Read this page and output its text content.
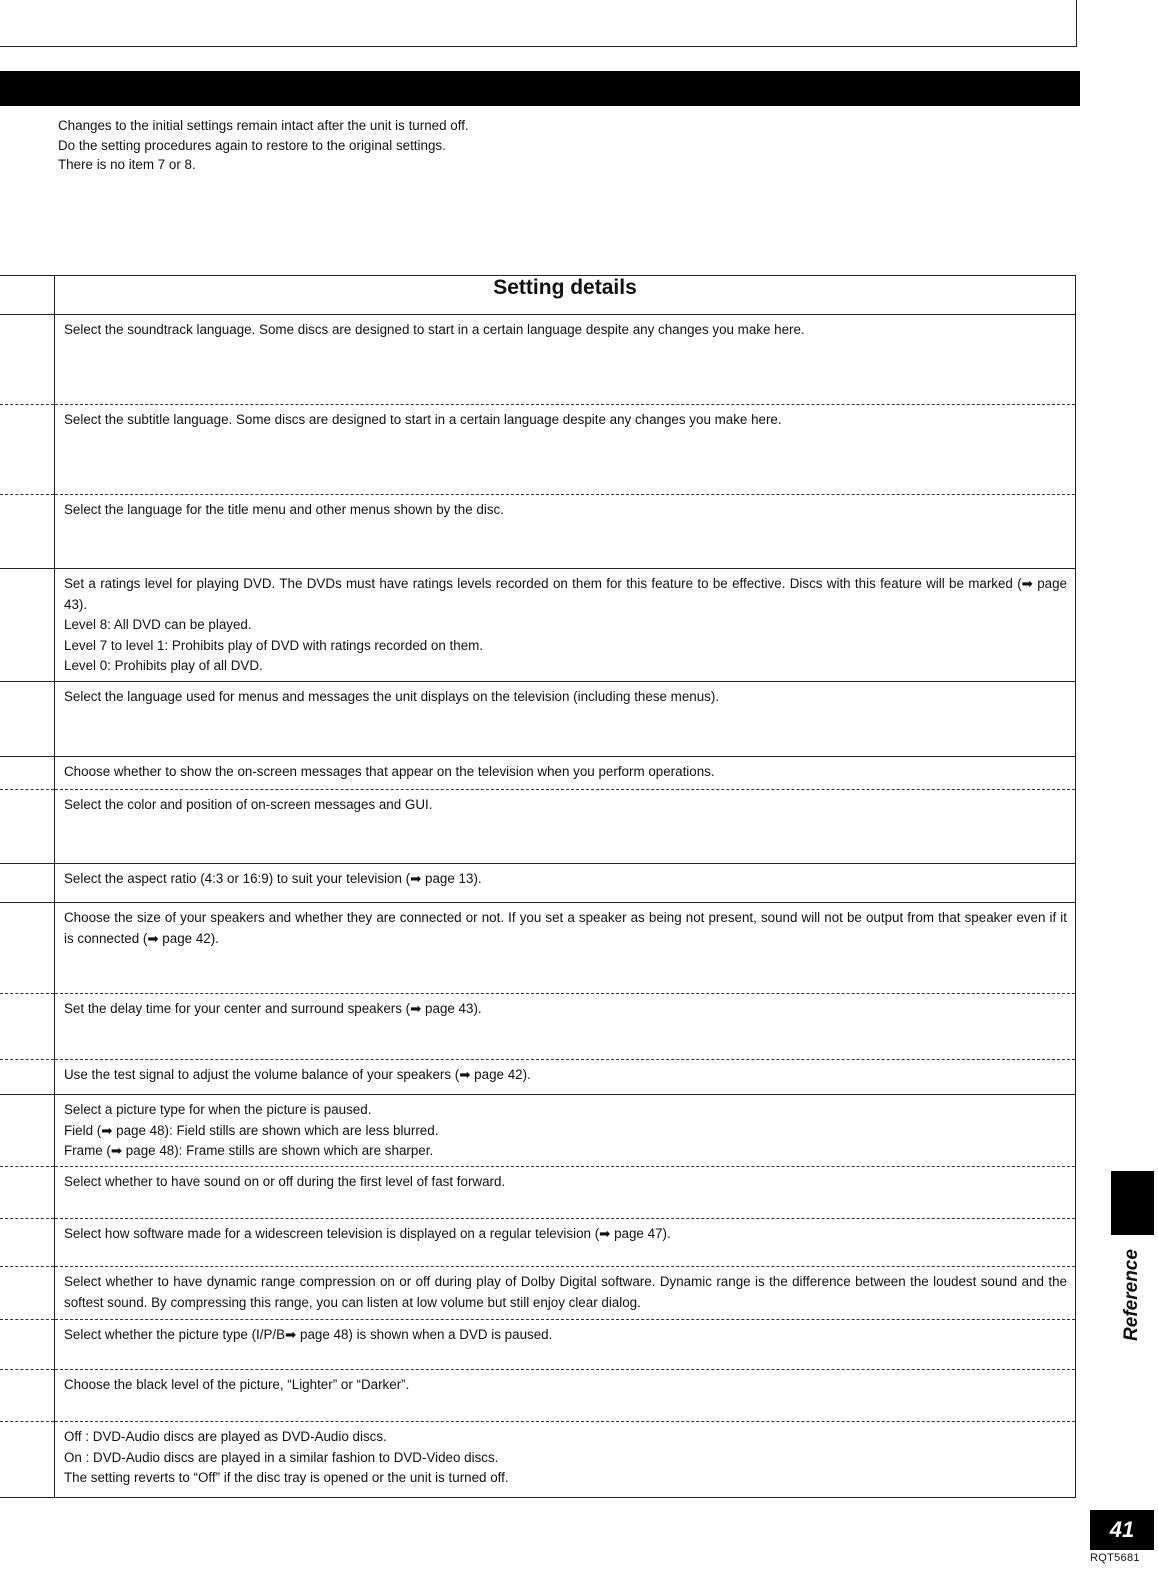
Changes to the initial settings remain intact after the unit is turned off.
Do the setting procedures again to restore to the original settings.
There is no item 7 or 8.
	Setting details

	Select the soundtrack language. Some discs are designed to start in a certain language despite any changes you make here.

	Select the subtitle language. Some discs are designed to start in a certain language despite any changes you make here.

	Select the language for the title menu and other menus shown by the disc.

	Set a ratings level for playing DVD. The DVDs must have ratings levels recorded on them for this feature to be effective. Discs with this feature will be marked (➡ page 43).
Level 8: All DVD can be played.
Level 7 to level 1: Prohibits play of DVD with ratings recorded on them.
Level 0: Prohibits play of all DVD.

	Select the language used for menus and messages the unit displays on the television (including these menus).

	Choose whether to show the on-screen messages that appear on the television when you perform operations.

	Select the color and position of on-screen messages and GUI.

	Select the aspect ratio (4:3 or 16:9) to suit your television (➡ page 13).

	Choose the size of your speakers and whether they are connected or not. If you set a speaker as being not present, sound will not be output from that speaker even if it is connected (➡ page 42).

	Set the delay time for your center and surround speakers (➡ page 43).

	Use the test signal to adjust the volume balance of your speakers (➡ page 42).

	Select a picture type for when the picture is paused.
Field (➡ page 48): Field stills are shown which are less blurred.
Frame (➡ page 48): Frame stills are shown which are sharper.

	Select whether to have sound on or off during the first level of fast forward.

	Select how software made for a widescreen television is displayed on a regular television (➡ page 47).

	Select whether to have dynamic range compression on or off during play of Dolby Digital software. Dynamic range is the difference between the loudest sound and the softest sound. By compressing this range, you can listen at low volume but still enjoy clear dialog.

	Select whether the picture type (I/P/B➡ page 48) is shown when a DVD is paused.

	Choose the black level of the picture, “Lighter” or “Darker”.

	Off : DVD-Audio discs are played as DVD-Audio discs.
On : DVD-Audio discs are played in a similar fashion to DVD-Video discs.
The setting reverts to “Off” if the disc tray is opened or the unit is turned off.
Reference
41
RQT5681
